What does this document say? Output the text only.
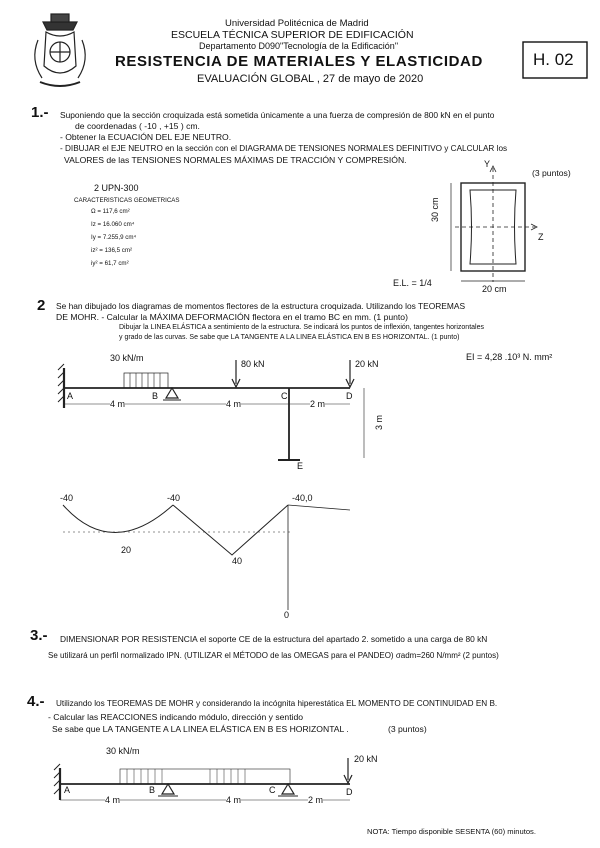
Universidad Politécnica de Madrid
ESCUELA TÉCNICA SUPERIOR DE EDIFICACIÓN
Departamento D090"Tecnología de la Edificación"
RESISTENCIA DE MATERIALES Y ELASTICIDAD
EVALUACIÓN GLOBAL , 27 de mayo de 2020
H. 02
1.- Suponiendo que la sección croquizada está sometida únicamente a una fuerza de compresión de 800 kN en el punto
de coordenadas ( -10 , +15 ) cm.
- Obtener la ECUACIÓN DEL EJE NEUTRO.
- DIBUJAR el EJE NEUTRO en la sección con el DIAGRAMA DE TENSIONES NORMALES DEFINITIVO y CALCULAR los
VALORES de las TENSIONES NORMALES MÁXIMAS DE TRACCIÓN Y COMPRESIÓN.
(3 puntos)
2 UPN-300
CARACTERISTICAS GEOMETRICAS
Ω = 117,6 cm²
Iz = 16.060 cm⁴
Iy = 7.255,9 cm⁴
iz² = 136,5 cm²
iy² = 61,7 cm²
Y
Z
30 cm
20 cm
E.L. = 1/4
2 Se han dibujado los diagramas de momentos flectores de la estructura croquizada. Utilizando los TEOREMAS
DE MOHR. - Calcular la MÁXIMA DEFORMACIÓN flectora en el tramo BC en mm. (1 punto)
Dibujar la LINEA ELÁSTICA a sentimiento de la estructura. Se indicará los puntos de inflexión, tangentes horizontales
y grado de las curvas. Se sabe que LA TANGENTE A LA LINEA ELÁSTICA EN B ES HORIZONTAL. (1 punto)
EI = 4,28 .10³ N. mm²
30 kN/m
80 kN	20 kN
A	B	C	D
E
4 m	4 m	2 m
3 m
-40	-40	-40,0
20
40
0
3.- DIMENSIONAR POR RESISTENCIA el soporte CE de la estructura del apartado 2. sometido a una carga de 80 kN
Se utilizará un perfil normalizado IPN. (UTILIZAR el MÉTODO de las OMEGAS para el PANDEO) σadm=260 N/mm² (2 puntos)
4.- Utilizando los TEOREMAS DE MOHR y considerando la incógnita hiperestática EL MOMENTO DE CONTINUIDAD EN B.
- Calcular las REACCIONES indicando módulo, dirección y sentido
Se sabe que LA TANGENTE A LA LINEA ELÁSTICA EN B ES HORIZONTAL .	(3 puntos)
30 kN/m
20 kN
A	B	C	D
4 m	4 m	2 m
NOTA: Tiempo disponible SESENTA (60) minutos.
